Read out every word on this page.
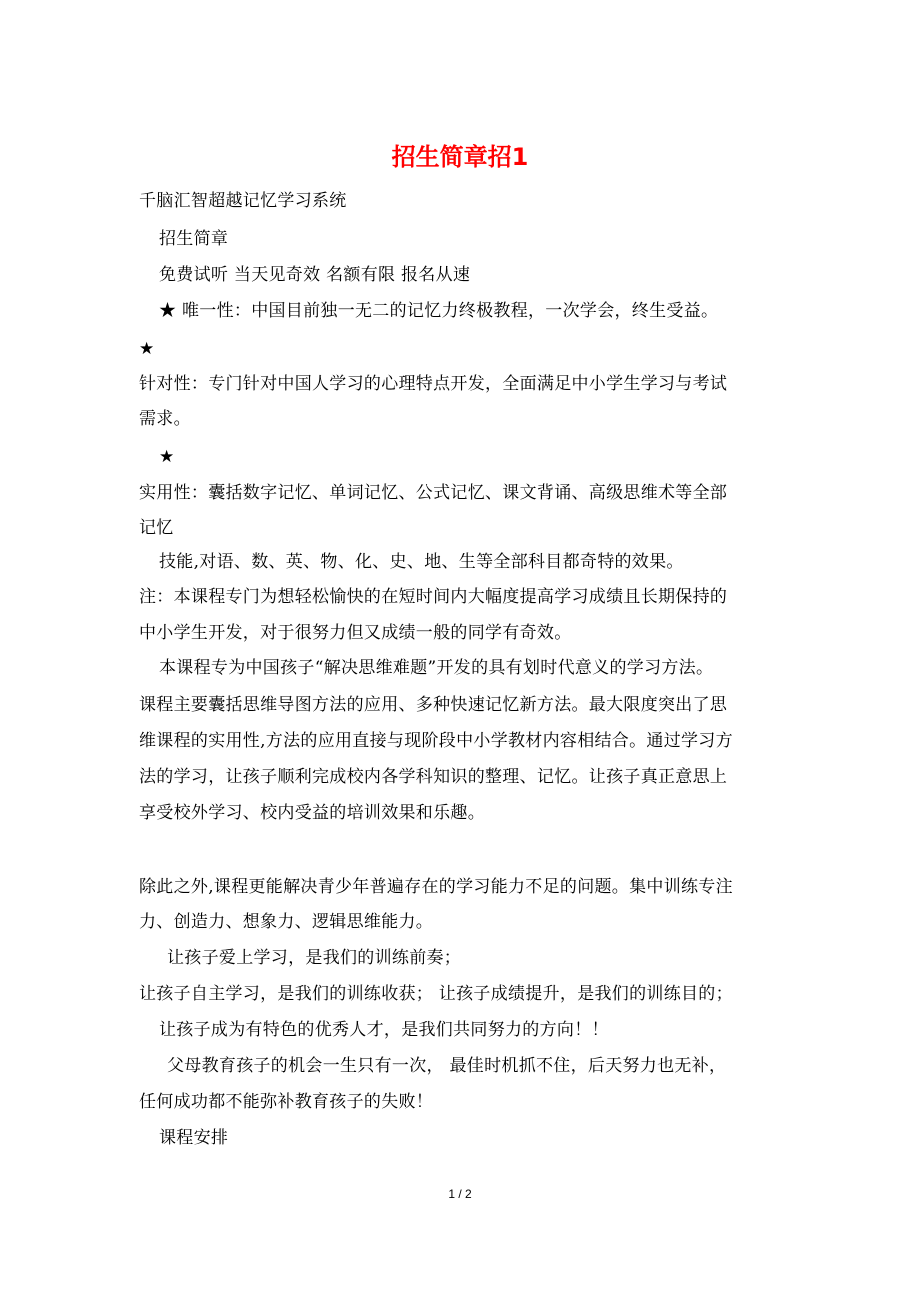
招生简章招1
千脑汇智超越记忆学习系统
招生简章
免费试听 当天见奇效 名额有限 报名从速
★ 唯一性：中国目前独一无二的记忆力终极教程，一次学会，终生受益。
★
针对性：专门针对中国人学习的心理特点开发，全面满足中小学生学习与考试
需求。
★
实用性：囊括数字记忆、单词记忆、公式记忆、课文背诵、高级思维术等全部
记忆
技能,对语、数、英、物、化、史、地、生等全部科目都奇特的效果。
注：本课程专门为想轻松愉快的在短时间内大幅度提高学习成绩且长期保持的
中小学生开发，对于很努力但又成绩一般的同学有奇效。
本课程专为中国孩子“解决思维难题”开发的具有划时代意义的学习方法。
课程主要囊括思维导图方法的应用、多种快速记忆新方法。最大限度突出了思
维课程的实用性,方法的应用直接与现阶段中小学教材内容相结合。通过学习方
法的学习，让孩子顺利完成校内各学科知识的整理、记忆。让孩子真正意思上
享受校外学习、校内受益的培训效果和乐趣。
除此之外,课程更能解决青少年普遍存在的学习能力不足的问题。集中训练专注
力、创造力、想象力、逻辑思维能力。
让孩子爱上学习，是我们的训练前奏；
让孩子自主学习，是我们的训练收获； 让孩子成绩提升，是我们的训练目的；
让孩子成为有特色的优秀人才，是我们共同努力的方向！！
父母教育孩子的机会一生只有一次， 最佳时机抓不住，后天努力也无补，
任何成功都不能弥补教育孩子的失败！
课程安排
1 / 2
